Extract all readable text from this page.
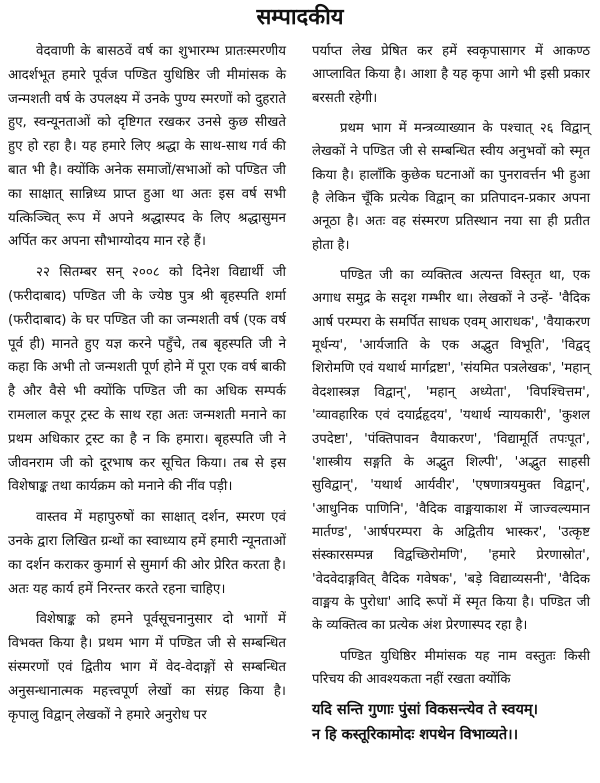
सम्पादकीय

वेदवाणी के बासठवें वर्ष का शुभारम्भ प्रातःस्मरणीय आदर्शभूत हमारे पूर्वज पण्डित युधिष्ठिर जी मीमांसक के जन्मशती वर्ष के उपलक्ष्य में उनके पुण्य स्मरणों को दुहराते हुए, स्वन्यूनताओं को दृष्टिगत रखकर उनसे कुछ सीखते हुए हो रहा है। यह हमारे लिए श्रद्धा के साथ-साथ गर्व की बात भी है। क्योंकि अनेक समाजों/सभाओं को पण्डित जी का साक्षात् सान्निध्य प्राप्त हुआ था अतः इस वर्ष सभी यत्किञ्चित् रूप में अपने श्रद्धास्पद के लिए श्रद्धासुमन अर्पित कर अपना सौभाग्योदय मान रहे हैं।

२२ सितम्बर सन् २००८ को दिनेश विद्यार्थी जी (फरीदाबाद) पण्डित जी के ज्येष्ठ पुत्र श्री बृहस्पति शर्मा (फरीदाबाद) के घर पण्डित जी का जन्मशती वर्ष (एक वर्ष पूर्व ही) मानते हुए यज्ञ करने पहुँचे, तब बृहस्पति जी ने कहा कि अभी तो जन्मशती पूर्ण होने में पूरा एक वर्ष बाकी है और वैसे भी क्योंकि पण्डित जी का अधिक सम्पर्क रामलाल कपूर ट्रस्ट के साथ रहा अतः जन्मशती मनाने का प्रथम अधिकार ट्रस्ट का है न कि हमारा। बृहस्पति जी ने जीवनराम जी को दूरभाष कर सूचित किया। तब से इस विशेषाङ्क तथा कार्यक्रम को मनाने की नींव पड़ी।

वास्तव में महापुरुषों का साक्षात् दर्शन, स्मरण एवं उनके द्वारा लिखित ग्रन्थों का स्वाध्याय हमें हमारी न्यूनताओं का दर्शन कराकर कुमार्ग से सुमार्ग की ओर प्रेरित करता है। अतः यह कार्य हमें निरन्तर करते रहना चाहिए।

विशेषाङ्क को हमने पूर्वसूचनानुसार दो भागों में विभक्त किया है। प्रथम भाग में पण्डित जी से सम्बन्धित संस्मरणों एवं द्वितीय भाग में वेद-वेदाङ्गों से सम्बन्धित अनुसन्धानात्मक महत्त्वपूर्ण लेखों का संग्रह किया है। कृपालु विद्वान् लेखकों ने हमारे अनुरोध पर

पर्याप्त लेख प्रेषित कर हमें स्वकृपासागर में आकण्ठ आप्लावित किया है। आशा है यह कृपा आगे भी इसी प्रकार बरसती रहेगी।

प्रथम भाग में मन्त्रव्याख्यान के पश्चात् २६ विद्वान् लेखकों ने पण्डित जी से सम्बन्धित स्वीय अनुभवों को स्मृत किया है। हालाँकि कुछेक घटनाओं का पुनरावर्त्तन भी हुआ है लेकिन चूँकि प्रत्येक विद्वान् का प्रतिपादन-प्रकार अपना अनूठा है। अतः वह संस्मरण प्रतिस्थान नया सा ही प्रतीत होता है।

पण्डित जी का व्यक्तित्व अत्यन्त विस्तृत था, एक अगाध समुद्र के सदृश गम्भीर था। लेखकों ने उन्हें- 'वैदिक आर्ष परम्परा के समर्पित साधक एवम् आराधक', 'वैयाकरण मूर्धन्य', 'आर्यजाति के एक अद्भुत विभूति', 'विद्वद् शिरोमणि एवं यथार्थ मार्गद्रष्टा', 'संयमित पत्रलेखक', 'महान् वेदशास्त्रज्ञ विद्वान्', 'महान् अध्येता', 'विपश्चित्तम', 'व्यावहारिक एवं दयार्द्रहृदय', 'यथार्थ न्यायकारी', 'कुशल उपदेष्टा', 'पंक्तिपावन वैयाकरण', 'विद्यामूर्ति तपःपूत', 'शास्त्रीय सङ्गति के अद्भुत शिल्पी', 'अद्भुत साहसी सुविद्वान्', 'यथार्थ आर्यवीर', 'एषणात्रयमुक्त विद्वान्', 'आधुनिक पाणिनि', 'वैदिक वाङ्मयाकाश में जाज्वल्यमान मार्तण्ड', 'आर्षपरम्परा के अद्वितीय भास्कर', 'उत्कृष्ट संस्कारसम्पन्न विद्वच्छिरोमणि', 'हमारे प्रेरणास्रोत', 'वेदवेदाङ्गवित् वैदिक गवेषक', 'बड़े विद्याव्यसनी', 'वैदिक वाङ्मय के पुरोधा' आदि रूपों में स्मृत किया है। पण्डित जी के व्यक्तित्व का प्रत्येक अंश प्रेरणास्पद रहा है।

पण्डित युधिष्ठिर मीमांसक यह नाम वस्तुतः किसी परिचय की आवश्यकता नहीं रखता क्योंकि

यदि सन्ति गुणाः पुंसां विकसन्त्येव ते स्वयम्।
न हि कस्तूरिकामोदः शपथेन विभाव्यते।।
